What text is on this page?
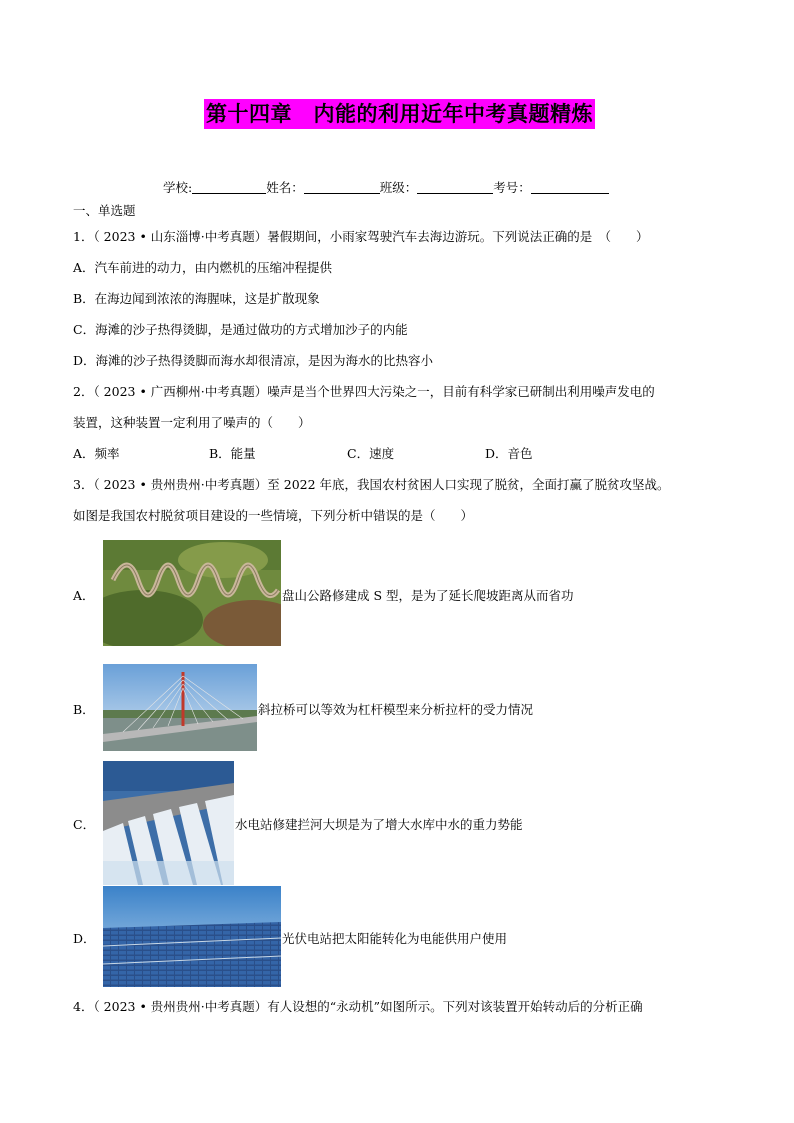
第十四章　内能的利用近年中考真题精炼
学校:	姓名：	班级：	考号：
一、单选题
1．（ 2023 • 山东淄博·中考真题）暑假期间，小雨家驾驶汽车去海边游玩。下列说法正确的是　（　　）
A．汽车前进的动力，由内燃机的压缩冲程提供
B．在海边闻到浓浓的海腥味，这是扩散现象
C．海滩的沙子热得烫脚，是通过做功的方式增加沙子的内能
D．海滩的沙子热得烫脚而海水却很清凉，是因为海水的比热容小
2．（ 2023 • 广西柳州·中考真题）噪声是当个世界四大污染之一，目前有科学家已研制出利用噪声发电的
装置，这种装置一定利用了噪声的（　　）
A．频率	B．能量	C．速度	D．音色
3．（ 2023 • 贵州贵州·中考真题）至 2022 年底，我国农村贫困人口实现了脱贫，全面打赢了脱贫攻坚战。
如图是我国农村脱贫项目建设的一些情境，下列分析中错误的是（　　）
A．	盘山公路修建成 S 型，是为了延长爬坡距离从而省功
B．	斜拉桥可以等效为杠杆模型来分析拉杆的受力情况
C．	水电站修建拦河大坝是为了增大水库中水的重力势能
D．	光伏电站把太阳能转化为电能供用户使用
4．（ 2023 • 贵州贵州·中考真题）有人设想的“永动机”如图所示。下列对该装置开始转动后的分析正确
